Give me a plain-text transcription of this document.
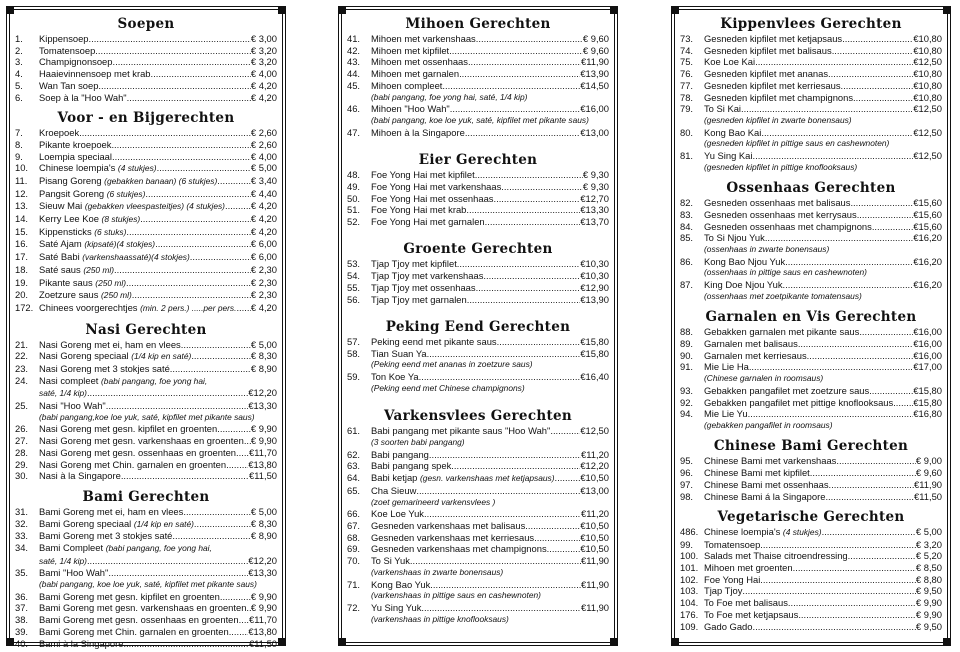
Soepen
1.	Kippensoep .....	€ 3,00
2.	Tomatensoep .....	€ 3,20
3.	Champignonsoep .....	€ 3,20
4.	Haaievinnensoep met krab .....	€ 4,00
5.	Wan Tan soep .....	€ 4,20
6.	Soep à la "Hoo Wah" .....	€ 4,20
Voor - en Bijgerechten
7.	Kroepoek .....	€ 2,60
8.	Pikante kroepoek .....	€ 2,60
9.	Loempia speciaal .....	€ 4,00
10.	Chinese loempia's (4 stukjes) .....	€ 5,00
11.	Pisang Goreng (gebakken banaan) (6 stukjes) .....	€ 3,40
12.	Pangsit Goreng (6 stukjes) .....	€ 4,40
13.	Sieuw Mai (gebakken vleespasteitjes) (4 stukjes) .....	€ 4,20
14.	Kerry Lee Koe (8 stukjes) .....	€ 4,20
15.	Kippensticks (6 stuks) .....	€ 4,20
16.	Saté Ajam (kipsaté)(4 stokjes) .....	€ 6,00
17.	Saté Babi (varkenshaassaté)(4 stokjes) .....	€ 6,00
18.	Saté saus (250 ml) .....	€ 2,30
19.	Pikante saus (250 ml) .....	€ 2,30
20.	Zoetzure saus (250 ml) .....	€ 2,30
172. Chinees voorgerechtjes (min. 2 pers.) .....per pers. ..... € 4,20
Nasi Gerechten
21.	Nasi Goreng met ei, ham en vlees .....	€ 5,00
22.	Nasi Goreng speciaal (1/4 kip en saté) .....	€ 8,30
23.	Nasi Goreng met 3 stokjes saté .....	€ 8,90
24.	Nasi compleet (babi pangang, foe yong hai,
saté, 1/4 kip) .....	€12,20
25.	Nasi "Hoo Wah" .....	€13,30
(babi pangang,koe loe yuk, saté, kipfilet met pikante saus)
26.	Nasi Goreng met gesn. kipfilet en groenten .....	€ 9,90
27.	Nasi Goreng met gesn. varkenshaas en groenten ..... € 9,90
28.	Nasi Goreng met gesn. ossenhaas en groenten ..... €11,70
29.	Nasi Goreng met Chin. garnalen en groenten ..... €13,80
30.	Nasi à la Singapore .....	€11,50
Bami Gerechten
31.	Bami Goreng met ei, ham en vlees .....	€ 5,00
32.	Bami Goreng speciaal (1/4 kip en saté) .....	€ 8,30
33.	Bami Goreng met 3 stokjes saté .....	€ 8,90
34.	Bami Compleet (babi pangang, foe yong hai,
saté, 1/4 kip) .....	€12,20
35.	Bami "Hoo Wah" .....	€13,30
(babi pangang, koe loe yuk, saté, kipfilet met pikante saus)
36.	Bami Goreng met gesn. kipfilet en groenten .....	€ 9,90
37.	Bami Goreng met gesn. varkenshaas en groenten ..... € 9,90
38.	Bami Goreng met gesn. ossenhaas en groenten ..... €11,70
39.	Bami Goreng met Chin. garnalen en groenten ..... €13,80
40.	Bami à la Singapore .....	€11,50
Mihoen Gerechten
41.	Mihoen met varkenshaas .....	€ 9,60
42.	Mihoen met kipfilet .....	€ 9,60
43.	Mihoen met ossenhaas .....	€11,90
44.	Mihoen met garnalen .....	€13,90
45.	Mihoen compleet .....	€14,50
(babi pangang, foe yong hai, saté, 1/4 kip)
46.	Mihoen "Hoo Wah" .....	€16,00
(babi pangang, koe loe yuk, saté, kipfilet met pikante saus)
47.	Mihoen à la Singapore .....	€13,00
Eier Gerechten
48.	Foe Yong Hai met kipfilet .....	€ 9,30
49.	Foe Yong Hai met varkenshaas .....	€ 9,30
50.	Foe Yong Hai met ossenhaas .....	€12,70
51.	Foe Yong Hai met krab .....	€13,30
52.	Foe Yong Hai met garnalen .....	€13,70
Groente Gerechten
53.	Tjap Tjoy met kipfilet .....	€10,30
54.	Tjap Tjoy met varkenshaas .....	€10,30
55.	Tjap Tjoy met ossenhaas .....	€12,90
56.	Tjap Tjoy met garnalen .....	€13,90
Peking Eend Gerechten
57.	Peking eend met pikante saus .....	€15,80
58.	Tian Suan Ya .....	€15,80
(Peking eend met ananas in zoetzure saus)
59.	Ton Koe Ya .....	€16,40
(Peking eend met Chinese champignons)
Varkensvlees Gerechten
61.	Babi pangang met pikante saus "Hoo Wah" .....	€12,50
(3 soorten babi pangang)
62.	Babi pangang .....	€11,20
63.	Babi pangang spek .....	€12,20
64.	Babi ketjap (gesn. varkenshaas met ketjapsaus) .....	€10,50
65.	Cha Sieuw .....	€13,00
(zoet gemarineerd varkensvlees )
66.	Koe Loe Yuk .....	€11,20
67.	Gesneden varkenshaas met balisaus .....	€10,50
68.	Gesneden varkenshaas met kerriesaus .....	€10,50
69.	Gesneden varkenshaas met champignons .....	€10,50
70.	To Si Yuk .....	€11,90
(varkenshaas in zwarte bonensaus)
71.	Kong Bao Yuk .....	€11,90
(varkenshaas in pittige saus en cashewnoten)
72.	Yu Sing Yuk .....	€11,90
(varkenshaas in pittige knoflooksaus)
Kippenvlees Gerechten
73.	Gesneden kipfilet met ketjapsaus .....	€10,80
74.	Gesneden kipfilet met balisaus .....	€10,80
75.	Koe Loe Kai .....	€12,50
76.	Gesneden kipfilet met ananas .....	€10,80
77.	Gesneden kipfilet met kerriesaus .....	€10,80
78.	Gesneden kipfilet met champignons .....	€10,80
79.	To Si Kai .....	€12,50
(gesneden kipfilet in zwarte bonensaus)
80.	Kong Bao Kai .....	€12,50
(gesneden kipfilet in pittige saus en cashewnoten)
81.	Yu Sing Kai .....	€12,50
(gesneden kipfilet in pittige knoflooksaus)
Ossenhaas Gerechten
82.	Gesneden ossenhaas met balisaus .....	€15,60
83.	Gesneden ossenhaas met kerrysaus .....	€15,60
84.	Gesneden ossenhaas met champignons .....	€15,60
85.	To Si Njou Yuk .....	€16,20
(ossenhaas in zwarte bonensaus)
86.	Kong Bao Njou Yuk .....	€16,20
(ossenhaas in pittige saus en cashewnoten)
87.	King Doe Njou Yuk .....	€16,20
(ossenhaas met zoetpikante tomatensaus)
Garnalen en Vis Gerechten
88.	Gebakken garnalen met pikante saus .....	€16,00
89.	Garnalen met balisaus .....	€16,00
90.	Garnalen met kerriesaus .....	€16,00
91.	Mie Lie Ha .....	€17,00
(Chinese garnalen in roomsaus)
93.	Gebakken pangafilet met zoetzure saus .....	€15,80
92.	Gebakken pangafilet met pittige knoflooksaus ..... €15,80
94.	Mie Lie Yu .....	€16,80
(gebakken pangafilet in roomsaus)
Chinese Bami Gerechten
95.	Chinese Bami met varkenshaas .....	€ 9,00
96.	Chinese Bami met kipfilet .....	€ 9,60
97.	Chinese Bami met ossenhaas .....	€11,90
98.	Chinese Bami á la Singapore .....	€11,50
Vegetarische Gerechten
486. Chinese loempia's (4 stukjes) .....	€ 5,00
99.	Tomatensoep .....	€ 3,20
100. Salads met Thaise citroendressing .....	€ 5,20
101. Mihoen met groenten .....	€ 8,50
102. Foe Yong Hai .....	€ 8,80
103. Tjap Tjoy .....	€ 9,50
104. To Foe met balisaus .....	€ 9,90
176. To Foe met ketjapsaus .....	€ 9,90
109. Gado Gado .....	€ 9,50
